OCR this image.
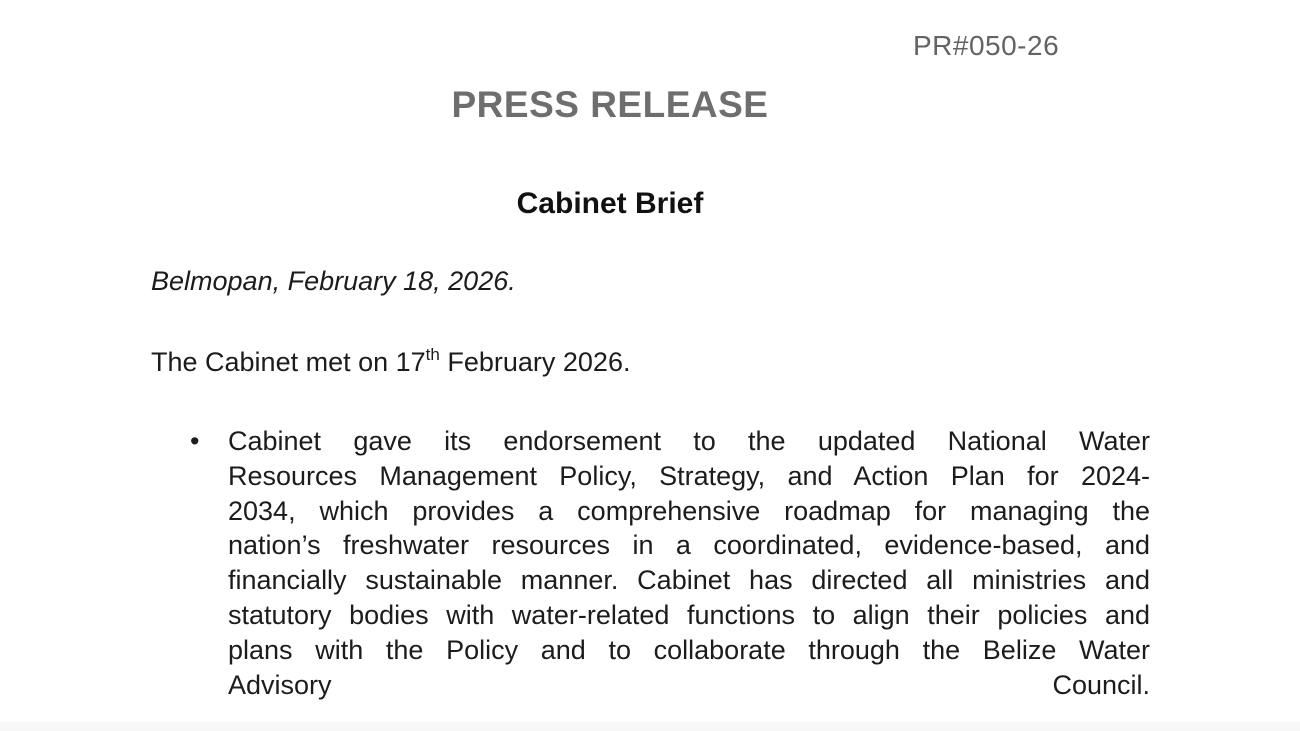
PR#050-26
PRESS RELEASE
Cabinet Brief
Belmopan, February 18, 2026.
The Cabinet met on 17th February 2026.
•	Cabinet gave its endorsement to the updated National Water
Resources Management Policy, Strategy, and Action Plan for 2024-
2034, which provides a comprehensive roadmap for managing the
nation’s freshwater resources in a coordinated, evidence-based, and
financially sustainable manner. Cabinet has directed all ministries and
statutory bodies with water-related functions to align their policies and
plans with the Policy and to collaborate through the Belize Water
Advisory Council.
